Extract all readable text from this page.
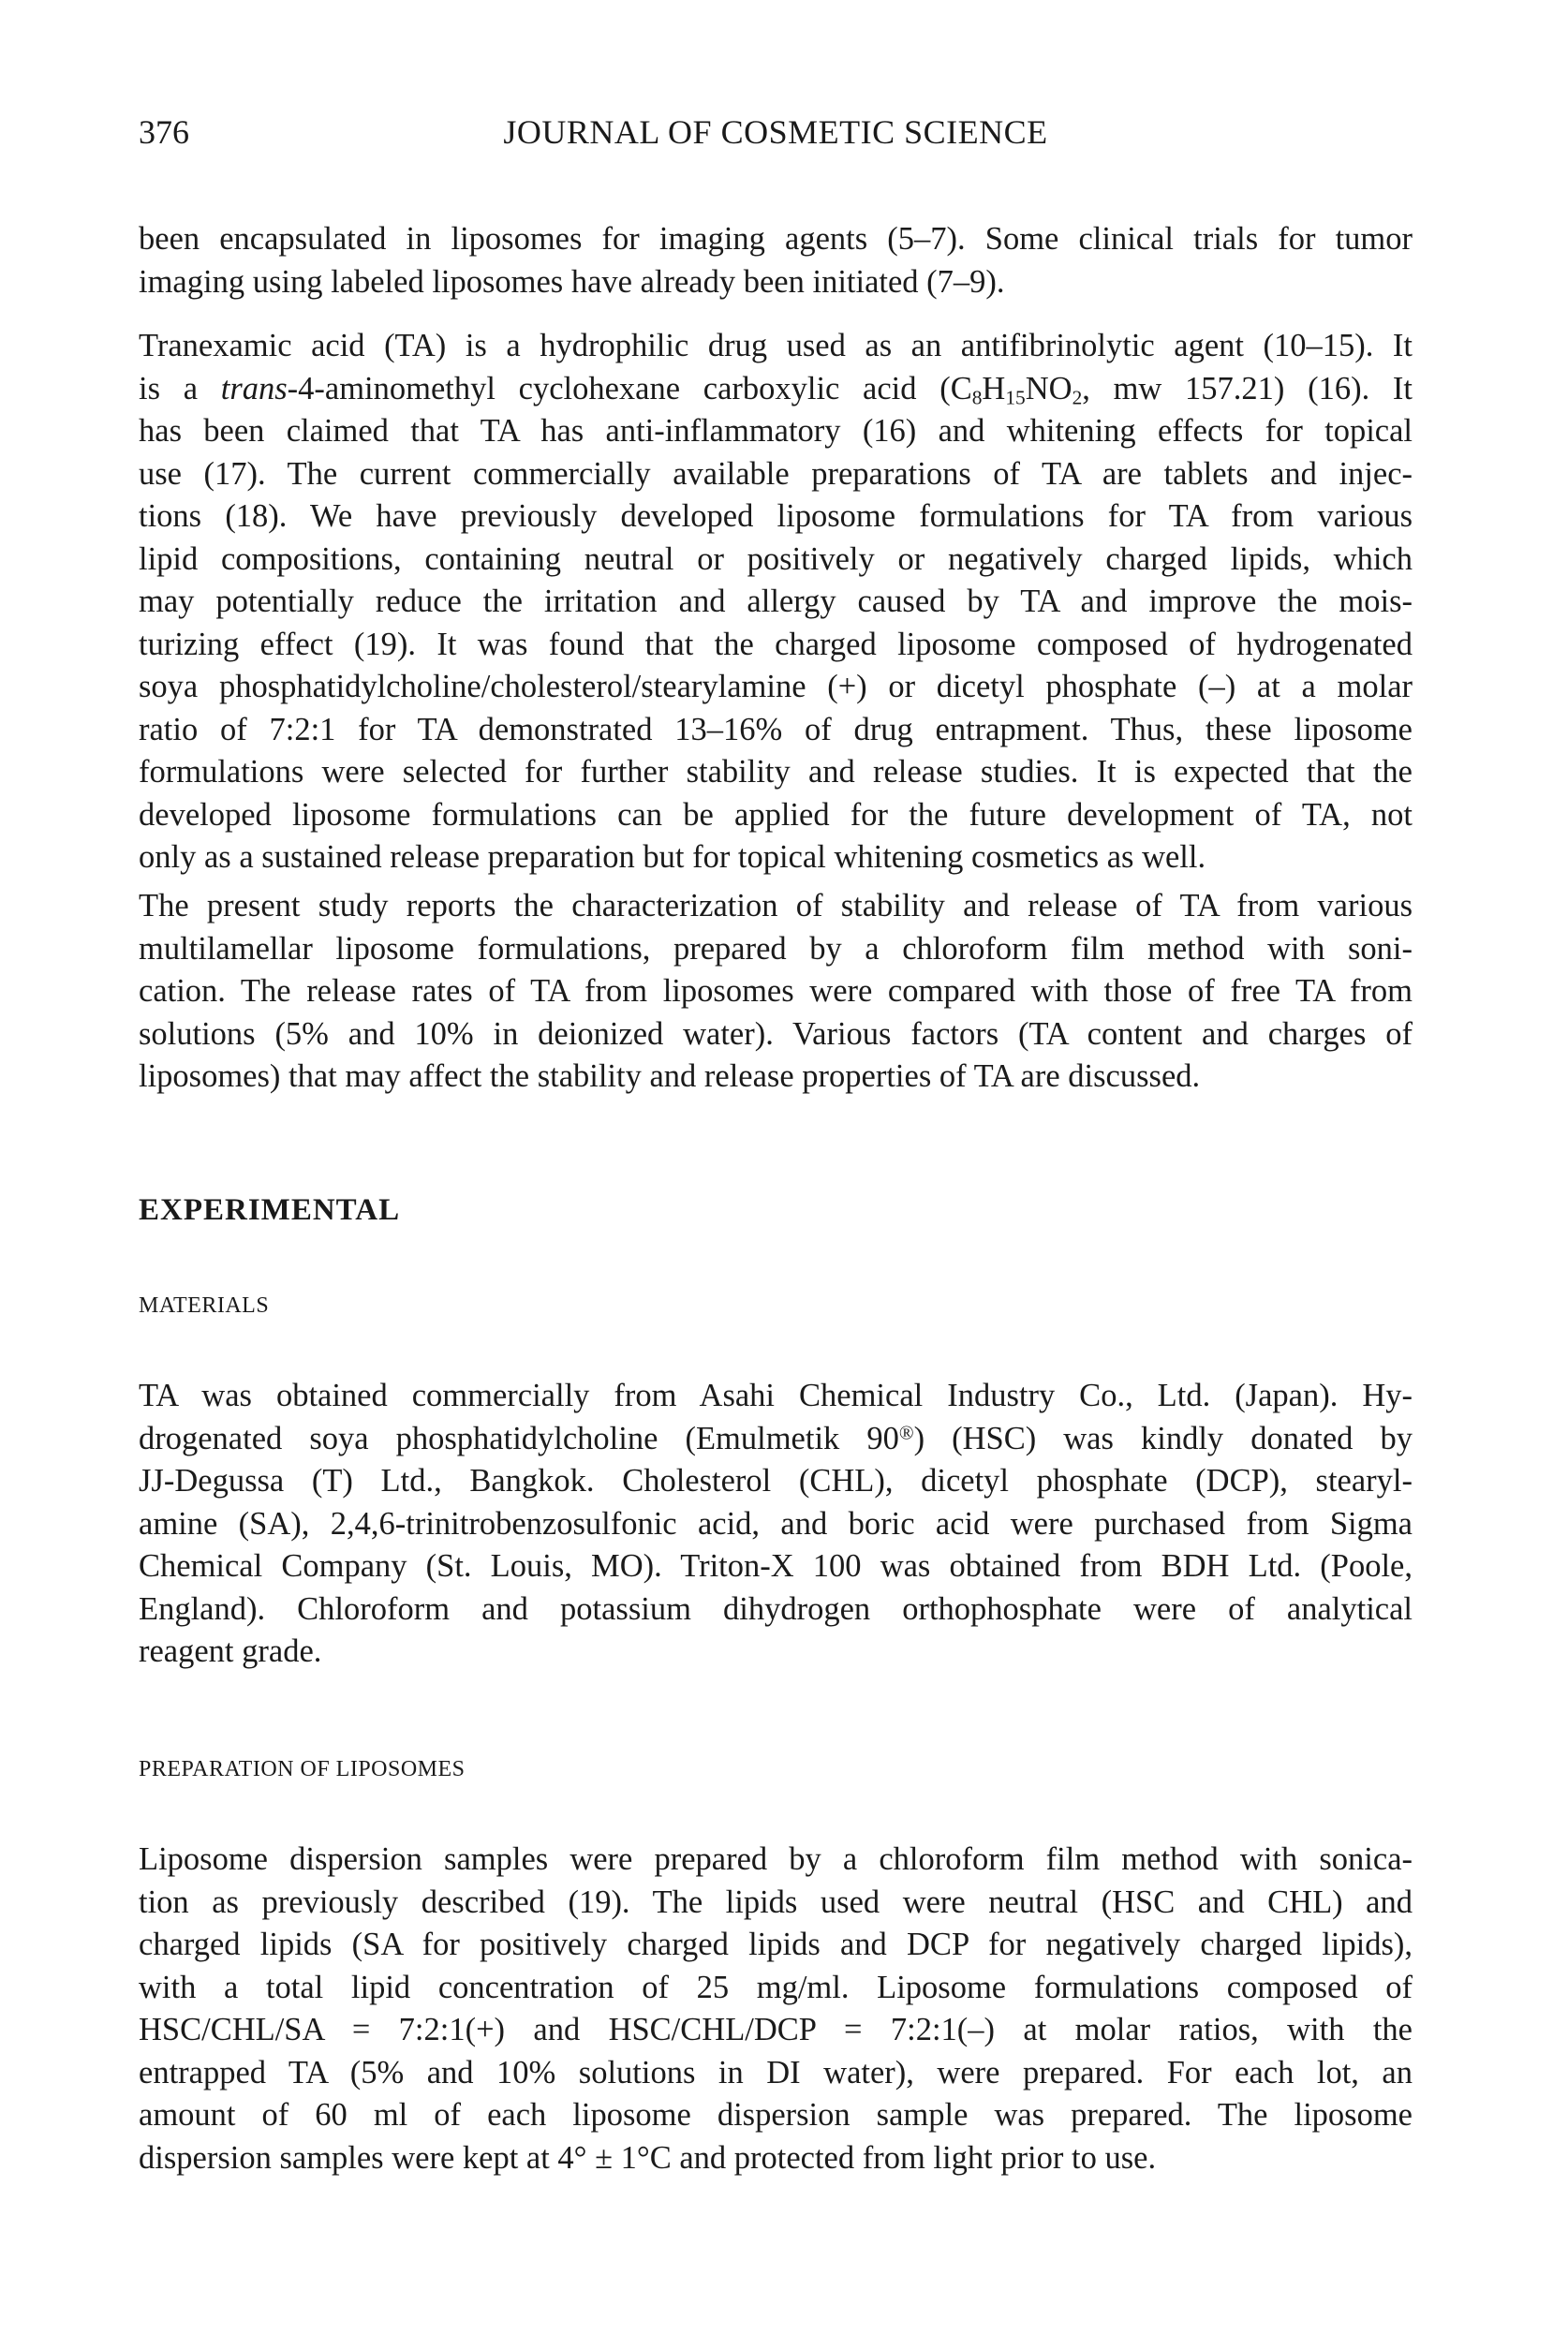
376	JOURNAL OF COSMETIC SCIENCE
been encapsulated in liposomes for imaging agents (5–7). Some clinical trials for tumor
imaging using labeled liposomes have already been initiated (7–9).
Tranexamic acid (TA) is a hydrophilic drug used as an antifibrinolytic agent (10–15). It
is a trans-4-aminomethyl cyclohexane carboxylic acid ($C_8H_{15}NO_2$, mw 157.21) (16). It
has been claimed that TA has anti-inflammatory (16) and whitening effects for topical
use (17). The current commercially available preparations of TA are tablets and injec-
tions (18). We have previously developed liposome formulations for TA from various
lipid compositions, containing neutral or positively or negatively charged lipids, which
may potentially reduce the irritation and allergy caused by TA and improve the mois-
turizing effect (19). It was found that the charged liposome composed of hydrogenated
soya phosphatidylcholine/cholesterol/stearylamine (+) or dicetyl phosphate (–) at a molar
ratio of 7:2:1 for TA demonstrated 13–16% of drug entrapment. Thus, these liposome
formulations were selected for further stability and release studies. It is expected that the
developed liposome formulations can be applied for the future development of TA, not
only as a sustained release preparation but for topical whitening cosmetics as well.
The present study reports the characterization of stability and release of TA from various
multilamellar liposome formulations, prepared by a chloroform film method with soni-
cation. The release rates of TA from liposomes were compared with those of free TA from
solutions (5% and 10% in deionized water). Various factors (TA content and charges of
liposomes) that may affect the stability and release properties of TA are discussed.
EXPERIMENTAL
MATERIALS
TA was obtained commercially from Asahi Chemical Industry Co., Ltd. (Japan). Hy-
drogenated soya phosphatidylcholine (Emulmetik 90®) (HSC) was kindly donated by
JJ-Degussa (T) Ltd., Bangkok. Cholesterol (CHL), dicetyl phosphate (DCP), stearyl-
amine (SA), 2,4,6-trinitrobenzosulfonic acid, and boric acid were purchased from Sigma
Chemical Company (St. Louis, MO). Triton-X 100 was obtained from BDH Ltd. (Poole,
England). Chloroform and potassium dihydrogen orthophosphate were of analytical
reagent grade.
PREPARATION OF LIPOSOMES
Liposome dispersion samples were prepared by a chloroform film method with sonica-
tion as previously described (19). The lipids used were neutral (HSC and CHL) and
charged lipids (SA for positively charged lipids and DCP for negatively charged lipids),
with a total lipid concentration of 25 mg/ml. Liposome formulations composed of
HSC/CHL/SA = 7:2:1(+) and HSC/CHL/DCP = 7:2:1(–) at molar ratios, with the
entrapped TA (5% and 10% solutions in DI water), were prepared. For each lot, an
amount of 60 ml of each liposome dispersion sample was prepared. The liposome
dispersion samples were kept at 4° ± 1°C and protected from light prior to use.
